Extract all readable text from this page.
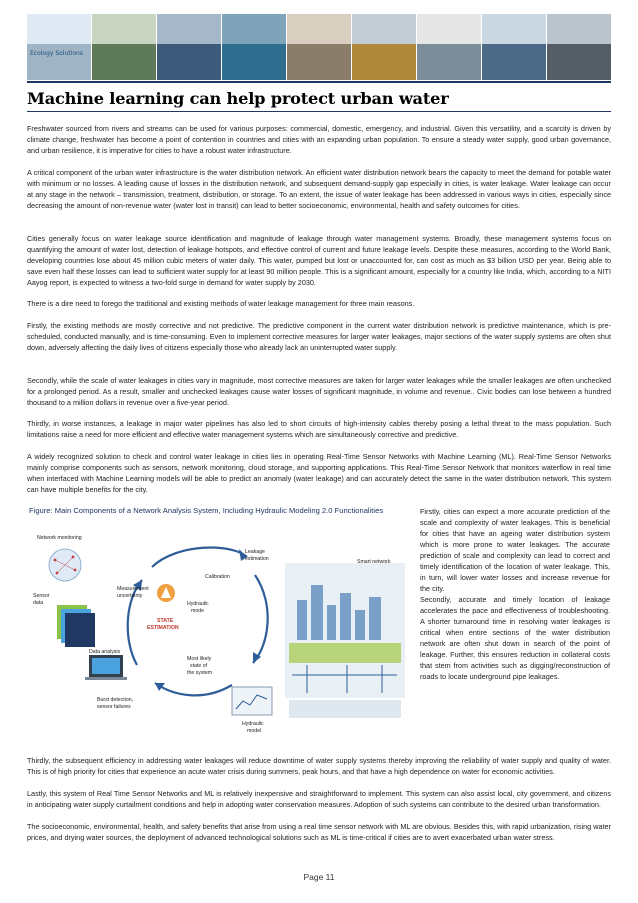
Ecology Solutions
Machine learning can help protect urban water

Freshwater sourced from rivers and streams can be used for various purposes: commercial, domestic, emergency, and industrial. Given this versatility, and a scarcity is driven by climate change, freshwater has become a point of contention in countries and cities with an expanding urban population. To ensure a steady water supply, good urban governance, and urban resilience, it is imperative for cities to have a robust water infrastructure.

A critical component of the urban water infrastructure is the water distribution network. An efficient water distribution network bears the capacity to meet the demand for potable water with minimum or no losses. A leading cause of losses in the distribution network, and subsequent demand-supply gap especially in cities, is water leakage. Water leakage can occur at any stage in the network – transmission, treatment, distribution, or storage. To an extent, the issue of water leakage has been addressed in various ways in cities, especially since decreasing the amount of non-revenue water (water lost in transit) can lead to better socioeconomic, environmental, health and safety outcomes for cities.

Cities generally focus on water leakage source identification and magnitude of leakage through water management systems. Broadly, these management systems focus on quantifying the amount of water lost, detection of leakage hotspots, and effective control of current and future leakage levels. Despite these measures, according to the World Bank, developing countries lose about 45 million cubic meters of water daily. This water, pumped but lost or unaccounted for, can cost as much as $3 billion USD per year. Being able to save even half these losses can lead to sufficient water supply for at least 90 million people. This is a significant amount, especially for a country like India, which, according to a NITI Aayog report, is expected to witness a two-fold surge in demand for water supply by 2030.

There is a dire need to forego the traditional and existing methods of water leakage management for three main reasons.

Firstly, the existing methods are mostly corrective and not predictive. The predictive component in the current water distribution network is predictive maintenance, which is pre-scheduled, conducted manually, and is time-consuming. Even to implement corrective measures for larger water leakages, major sections of the water supply systems are often shut down, adversely affecting the daily lives of citizens especially those who already lack an uninterrupted water supply.

Secondly, while the scale of water leakages in cities vary in magnitude, most corrective measures are taken for larger water leakages while the smaller leakages are often unchecked for a prolonged period. As a result, smaller and unchecked leakages cause water losses of significant magnitude, in volume and revenue.. Civic bodies can lose between a hundred thousand to a million dollars in revenue over a five-year period.

Thirdly, in worse instances, a leakage in major water pipelines has also led to short circuits of high-intensity cables thereby posing a lethal threat to the mass population. Such limitations raise a need for more efficient and effective water management systems which are simultaneously corrective and predictive.

A widely recognized solution to check and control water leakage in cities lies in operating Real-Time Sensor Networks with Machine Learning (ML). Real-Time Sensor Networks mainly comprise components such as sensors, network monitoring, cloud storage, and supporting applications. This Real-Time Sensor Network that monitors waterflow in real time when interfaced with Machine Learning models will be able to predict an anomaly (water leakage) and can accurately detect the same in the water distribution network. This system can have multiple benefits for the city.

Network monitoring
Leakage
estimation	Smart network
Calibration
Sensor
data
Measurement
uncertainty
Hydraulic
mode
STATE
ESTIMATION
Data analysis
Most likely
state of
the system
Burst detection,
sensor failures
Hydraulic
model
Figure: Main Components of a Network Analysis System, Including Hydraulic Modeling 2.0 Functionalities	Firstly, cities can expect a more accurate prediction of the scale and complexity of water leakages. This is beneficial for cities that have an ageing water distribution system which is more prone to water leakages. The accurate prediction of scale and complexity can lead to correct and timely identification of the location of water leakage. This, in turn, will lower water losses and increase revenue for the city.

Secondly, accurate and timely location of leakage accelerates the pace and effectiveness of troubleshooting. A shorter turnaround time in resolving water leakages is critical when entire sections of the water distribution network are often shut down in search of the point of leakage. Further, this ensures reduction in collateral costs that stem from activities such as digging/reconstruction of roads to locate underground pipe leakages.

Thirdly, the subsequent efficiency in addressing water leakages will reduce downtime of water supply systems thereby improving the reliability of water supply and quality of water. This is of high priority for cities that experience an acute water crisis during summers, peak hours, and that have a high dependence on water for economic activities.

Lastly, this system of Real Time Sensor Networks and ML is relatively inexpensive and straightforward to implement. This system can also assist local, city government, and citizens in anticipating water supply curtailment conditions and help in adopting water conservation measures. Adoption of such systems can contribute to the desired urban transformation.

The socioeconomic, environmental, health, and safety benefits that arise from using a real time sensor network with ML are obvious. Besides this, with rapid urbanization, rising water prices, and drying water sources, the deployment of advanced technological solutions such as ML is time-critical if cities are to avert exacerbated urban water stress.

Page 11
